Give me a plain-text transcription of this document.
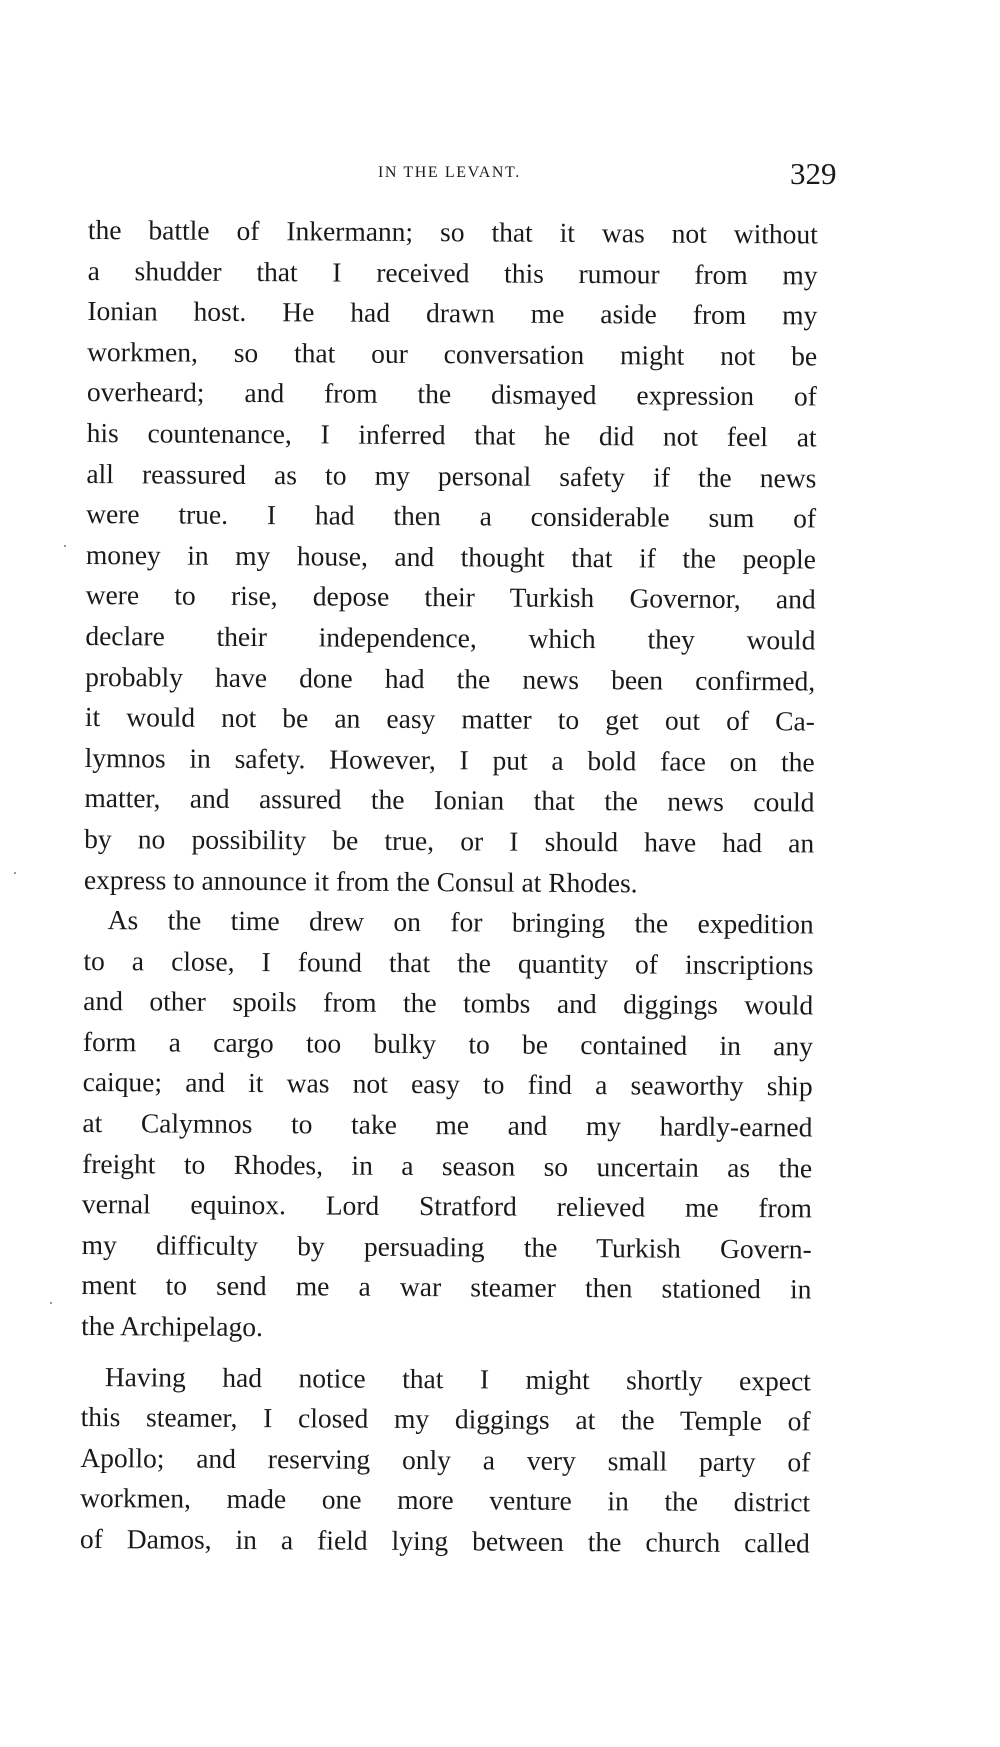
IN THE LEVANT.	329
the battle of Inkermann; so that it was not without
a shudder that I received this rumour from my
Ionian host. He had drawn me aside from my
workmen, so that our conversation might not be
overheard; and from the dismayed expression of
his countenance, I inferred that he did not feel at
all reassured as to my personal safety if the news
were true. I had then a considerable sum of
money in my house, and thought that if the people
were to rise, depose their Turkish Governor, and
declare their independence, which they would
probably have done had the news been confirmed,
it would not be an easy matter to get out of Ca-
lymnos in safety. However, I put a bold face on the
matter, and assured the Ionian that the news could
by no possibility be true, or I should have had an
express to announce it from the Consul at Rhodes.
As the time drew on for bringing the expedition
to a close, I found that the quantity of inscriptions
and other spoils from the tombs and diggings would
form a cargo too bulky to be contained in any
caique; and it was not easy to find a seaworthy ship
at Calymnos to take me and my hardly-earned
freight to Rhodes, in a season so uncertain as the
vernal equinox. Lord Stratford relieved me from
my difficulty by persuading the Turkish Govern-
ment to send me a war steamer then stationed in
the Archipelago.
Having had notice that I might shortly expect
this steamer, I closed my diggings at the Temple of
Apollo; and reserving only a very small party of
workmen, made one more venture in the district
of Damos, in a field lying between the church called
